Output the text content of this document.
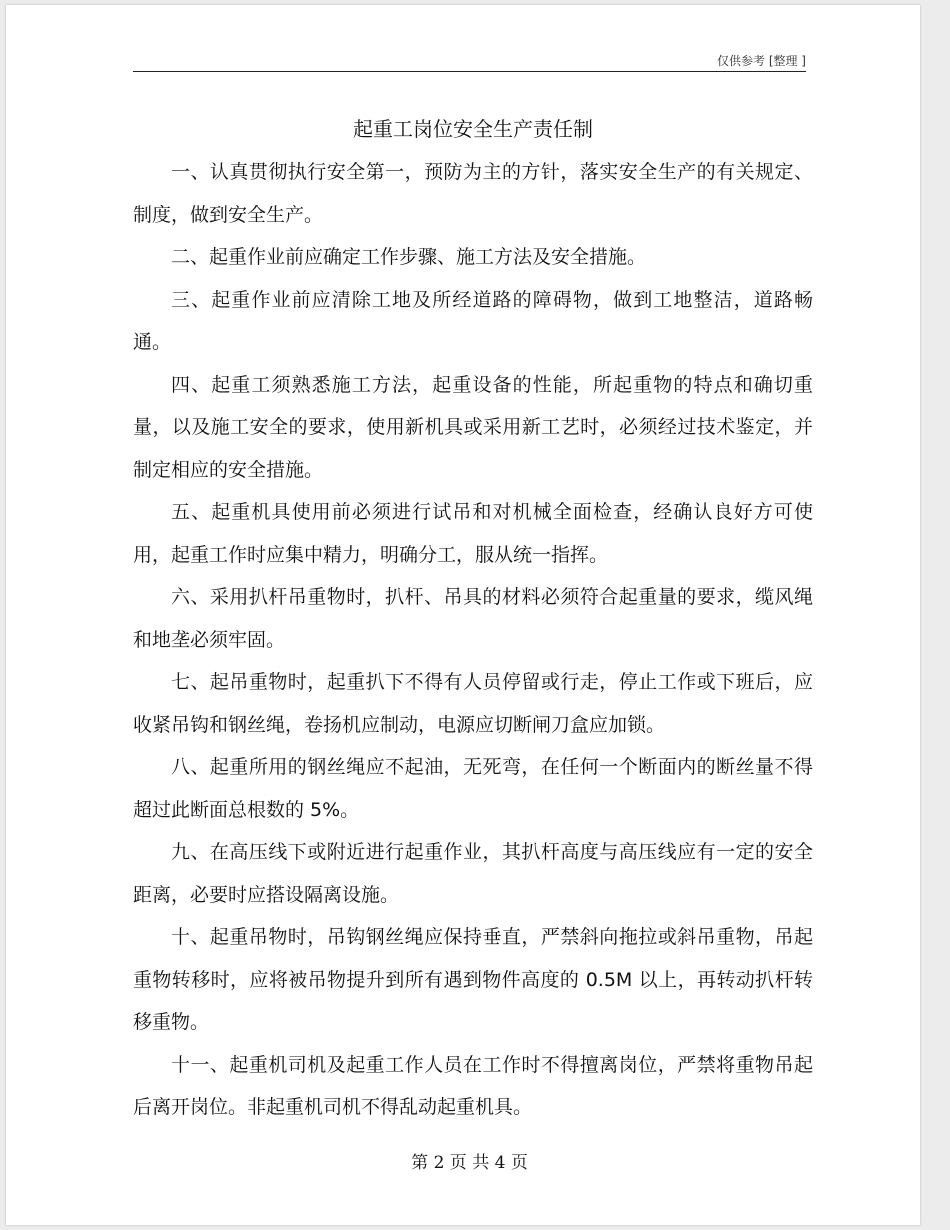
仅供参考 [整理 ]
起重工岗位安全生产责任制

一、认真贯彻执行安全第一，预防为主的方针，落实安全生产的有关规定、制度，做到安全生产。

二、起重作业前应确定工作步骤、施工方法及安全措施。

三、起重作业前应清除工地及所经道路的障碍物，做到工地整洁，道路畅通。

四、起重工须熟悉施工方法，起重设备的性能，所起重物的特点和确切重量，以及施工安全的要求，使用新机具或采用新工艺时，必须经过技术鉴定，并制定相应的安全措施。

五、起重机具使用前必须进行试吊和对机械全面检查，经确认良好方可使用，起重工作时应集中精力，明确分工，服从统一指挥。

六、采用扒杆吊重物时，扒杆、吊具的材料必须符合起重量的要求，缆风绳和地垄必须牢固。

七、起吊重物时，起重扒下不得有人员停留或行走，停止工作或下班后，应收紧吊钩和钢丝绳，卷扬机应制动，电源应切断闸刀盒应加锁。

八、起重所用的钢丝绳应不起油，无死弯，在任何一个断面内的断丝量不得超过此断面总根数的 5%。

九、在高压线下或附近进行起重作业，其扒杆高度与高压线应有一定的安全距离，必要时应搭设隔离设施。

十、起重吊物时，吊钩钢丝绳应保持垂直，严禁斜向拖拉或斜吊重物，吊起重物转移时，应将被吊物提升到所有遇到物件高度的 0.5M 以上，再转动扒杆转移重物。

十一、起重机司机及起重工作人员在工作时不得擅离岗位，严禁将重物吊起后离开岗位。非起重机司机不得乱动起重机具。

第 2 页 共 4 页
